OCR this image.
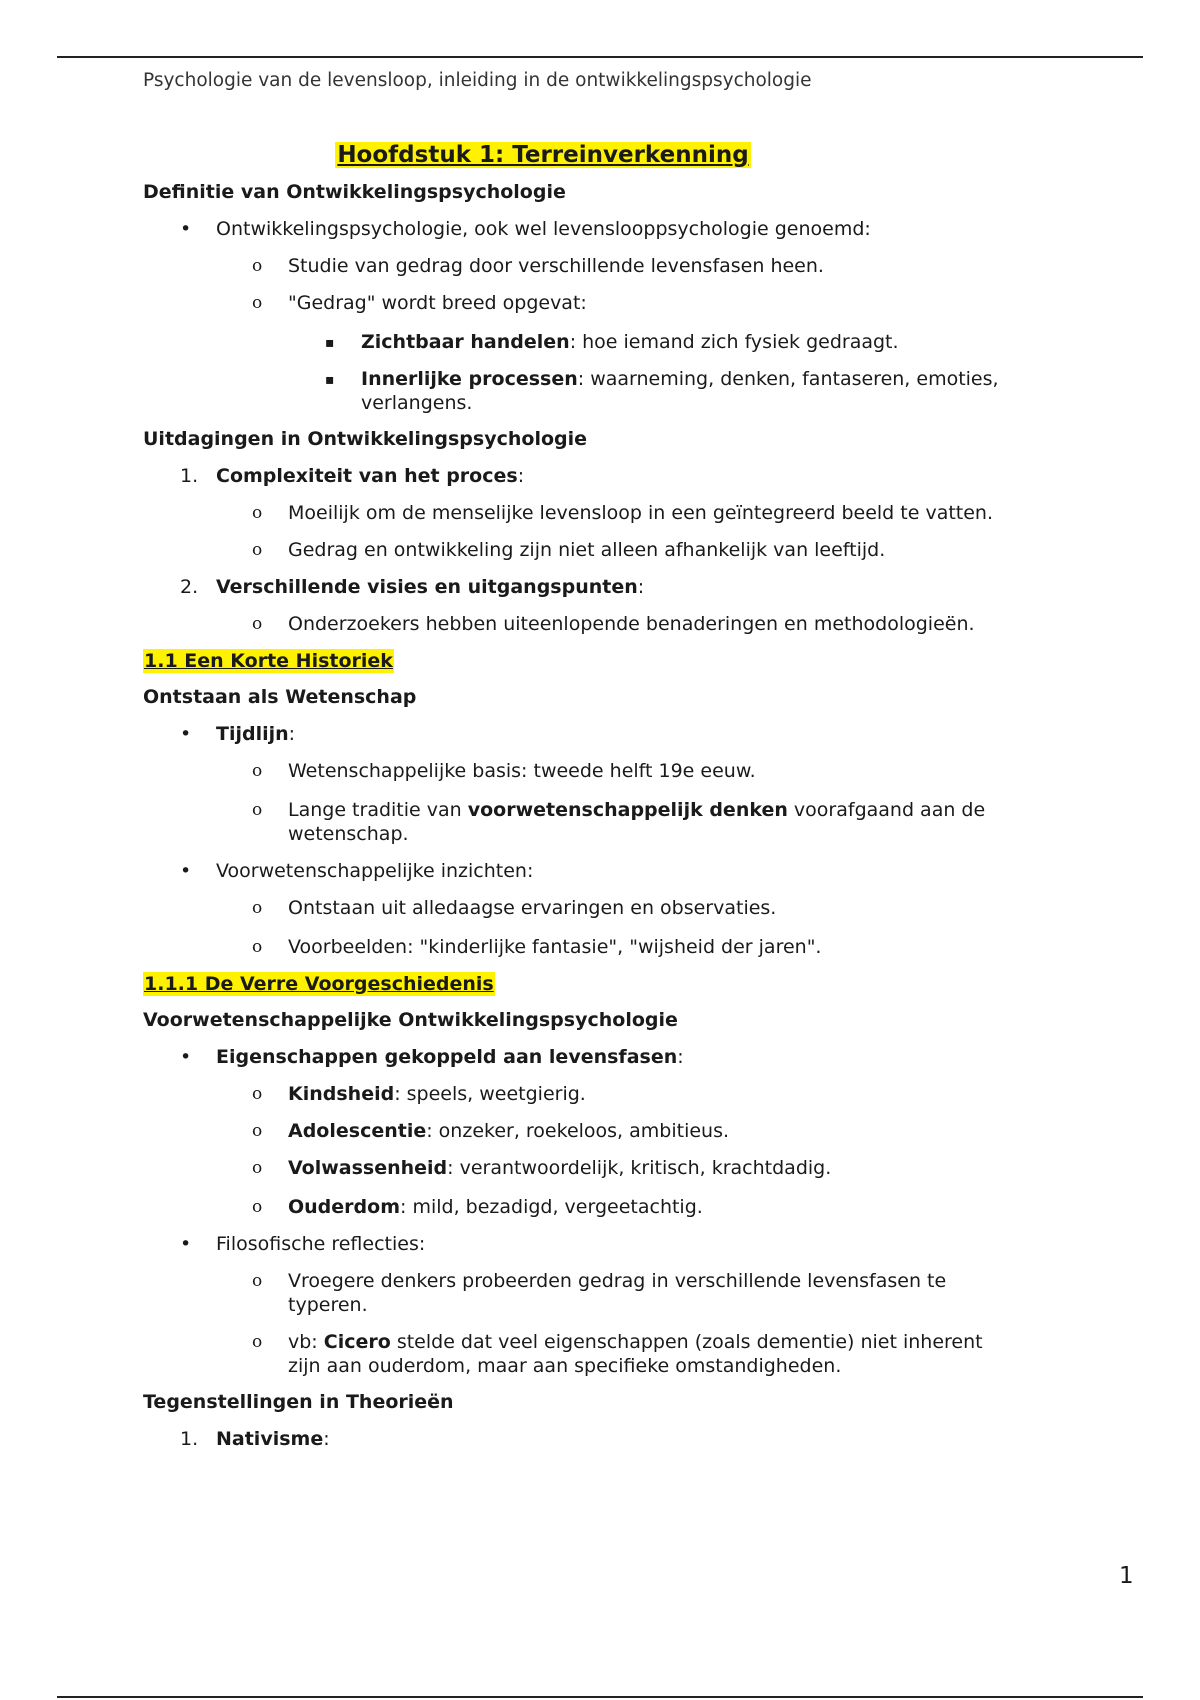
Psychologie van de levensloop, inleiding in de ontwikkelingspsychologie
Hoofdstuk 1: Terreinverkenning
Definitie van Ontwikkelingspsychologie
• Ontwikkelingspsychologie, ook wel levenslooppsychologie genoemd:
o Studie van gedrag door verschillende levensfasen heen.
o "Gedrag" wordt breed opgevat:
▪ Zichtbaar handelen: hoe iemand zich fysiek gedraagt.
▪ Innerlijke processen: waarneming, denken, fantaseren, emoties, verlangens.
Uitdagingen in Ontwikkelingspsychologie
1. Complexiteit van het proces:
o Moeilijk om de menselijke levensloop in een geïntegreerd beeld te vatten.
o Gedrag en ontwikkeling zijn niet alleen afhankelijk van leeftijd.
2. Verschillende visies en uitgangspunten:
o Onderzoekers hebben uiteenlopende benaderingen en methodologieën.
1.1 Een Korte Historiek
Ontstaan als Wetenschap
• Tijdlijn:
o Wetenschappelijke basis: tweede helft 19e eeuw.
o Lange traditie van voorwetenschappelijk denken voorafgaand aan de wetenschap.
• Voorwetenschappelijke inzichten:
o Ontstaan uit alledaagse ervaringen en observaties.
o Voorbeelden: "kinderlijke fantasie", "wijsheid der jaren".
1.1.1 De Verre Voorgeschiedenis
Voorwetenschappelijke Ontwikkelingspsychologie
• Eigenschappen gekoppeld aan levensfasen:
o Kindsheid: speels, weetgierig.
o Adolescentie: onzeker, roekeloos, ambitieus.
o Volwassenheid: verantwoordelijk, kritisch, krachtdadig.
o Ouderdom: mild, bezadigd, vergeetachtig.
• Filosofische reflecties:
o Vroegere denkers probeerden gedrag in verschillende levensfasen te typeren.
o vb: Cicero stelde dat veel eigenschappen (zoals dementie) niet inherent zijn aan ouderdom, maar aan specifieke omstandigheden.
Tegenstellingen in Theorieën
1. Nativisme:
1
